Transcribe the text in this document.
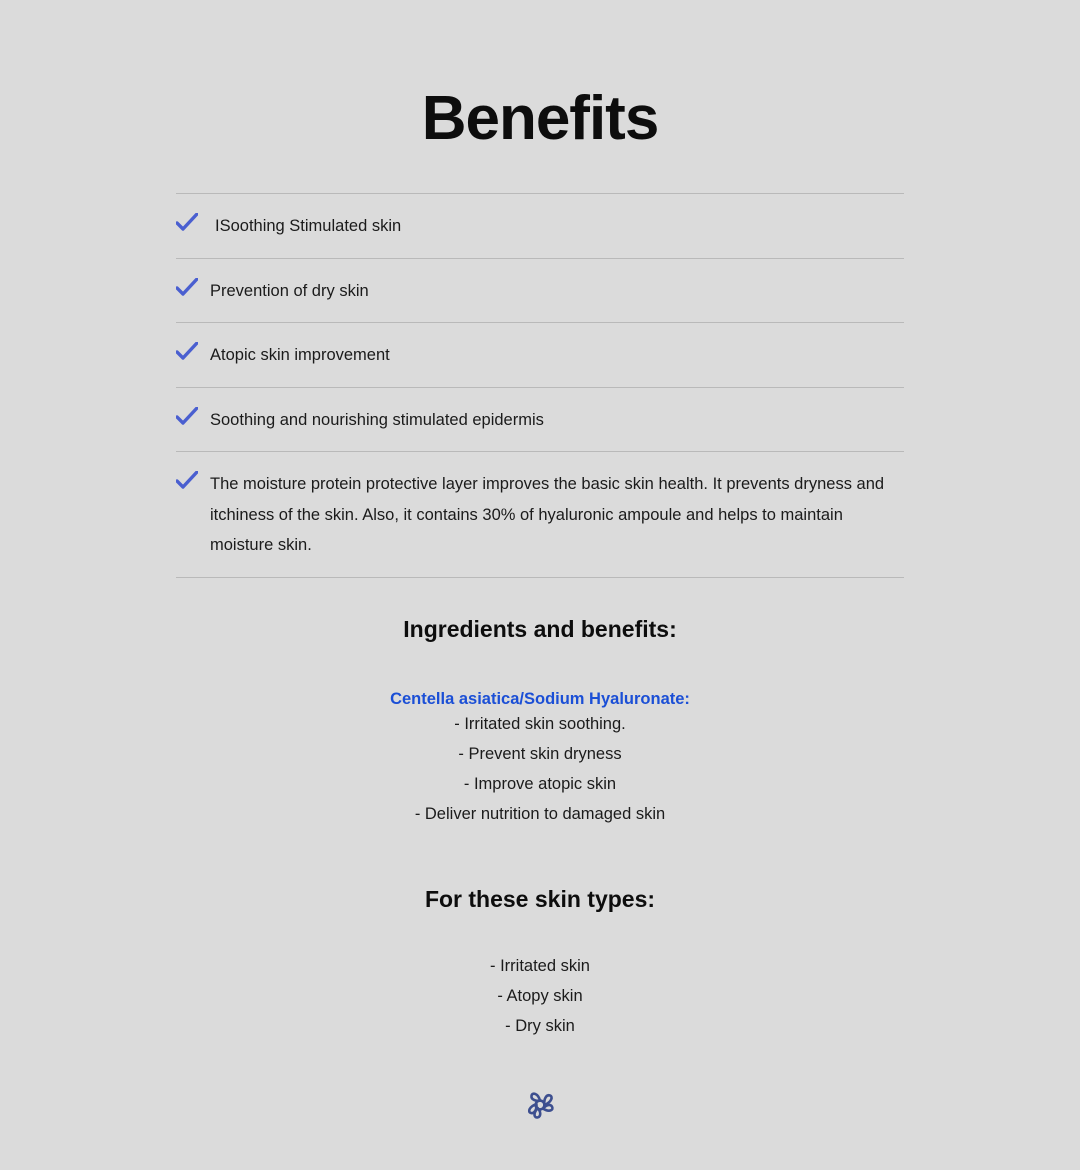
Benefits
ISoothing Stimulated skin
Prevention of dry skin
Atopic skin improvement
Soothing and nourishing stimulated epidermis
The moisture protein protective layer improves the basic skin health. It prevents dryness and itchiness of the skin. Also, it contains 30% of hyaluronic ampoule and helps to maintain moisture skin.
Ingredients and benefits:
Centella asiatica/Sodium Hyaluronate:
- Irritated skin soothing.
- Prevent skin dryness
- Improve atopic skin
- Deliver nutrition to damaged skin
For these skin types:
- Irritated skin
- Atopy skin
- Dry skin
